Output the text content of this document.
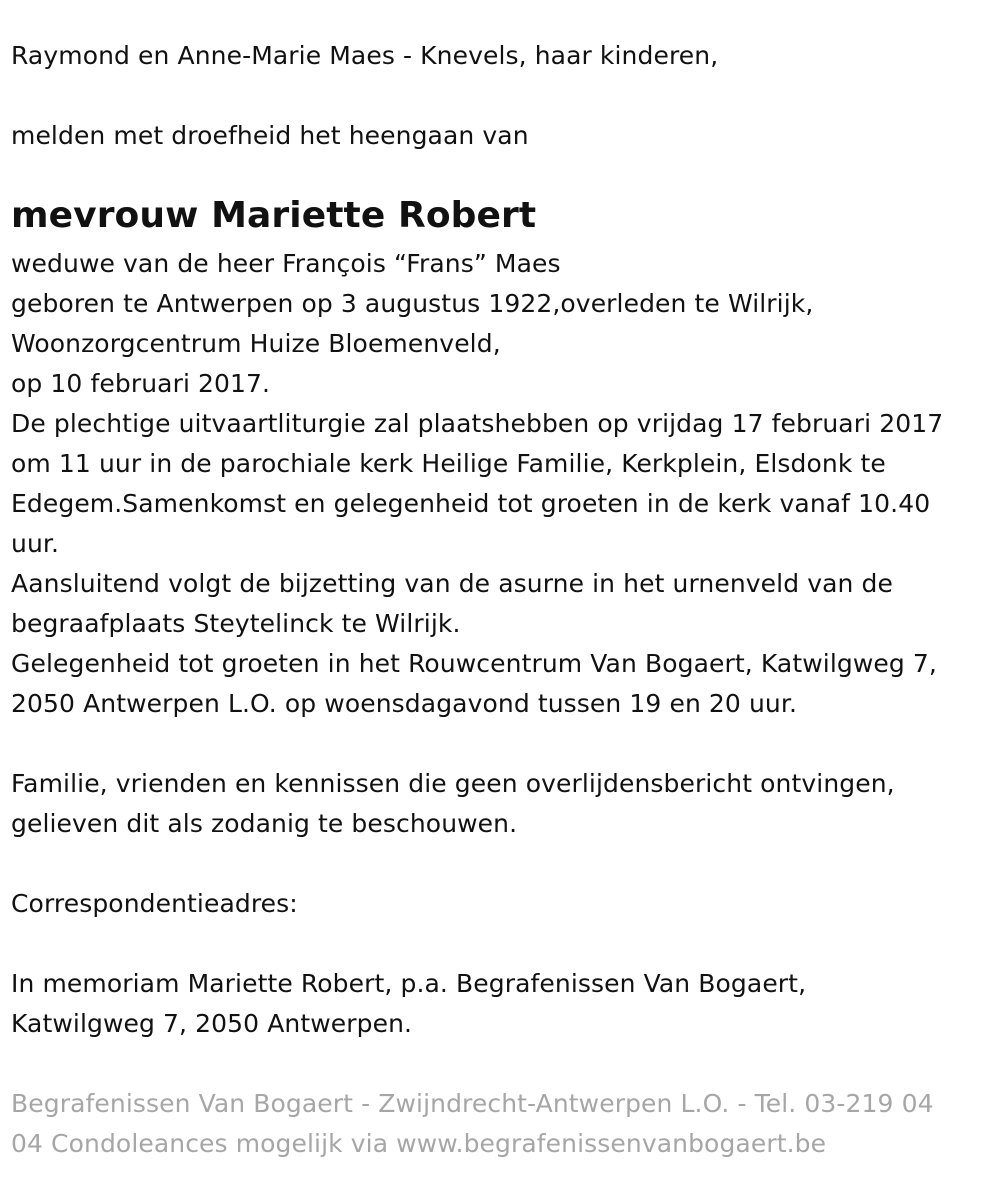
Raymond en Anne-Marie Maes - Knevels, haar kinderen,
melden met droefheid het heengaan van
mevrouw Mariette Robert
weduwe van de heer François “Frans” Maes
geboren te Antwerpen op 3 augustus 1922,overleden te Wilrijk,
Woonzorgcentrum Huize Bloemenveld,
op 10 februari 2017.
De plechtige uitvaartliturgie zal plaatshebben op vrijdag 17 februari 2017
om 11 uur in de parochiale kerk Heilige Familie, Kerkplein, Elsdonk te
Edegem.Samenkomst en gelegenheid tot groeten in de kerk vanaf 10.40
uur.
Aansluitend volgt de bijzetting van de asurne in het urnenveld van de
begraafplaats Steytelinck te Wilrijk.
Gelegenheid tot groeten in het Rouwcentrum Van Bogaert, Katwilgweg 7,
2050 Antwerpen L.O. op woensdagavond tussen 19 en 20 uur.
Familie, vrienden en kennissen die geen overlijdensbericht ontvingen,
gelieven dit als zodanig te beschouwen.
Correspondentieadres:
In memoriam Mariette Robert, p.a. Begrafenissen Van Bogaert,
Katwilgweg 7, 2050 Antwerpen.
Begrafenissen Van Bogaert - Zwijndrecht-Antwerpen L.O. - Tel. 03-219 04
04 Condoleances mogelijk via www.begrafenissenvanbogaert.be
